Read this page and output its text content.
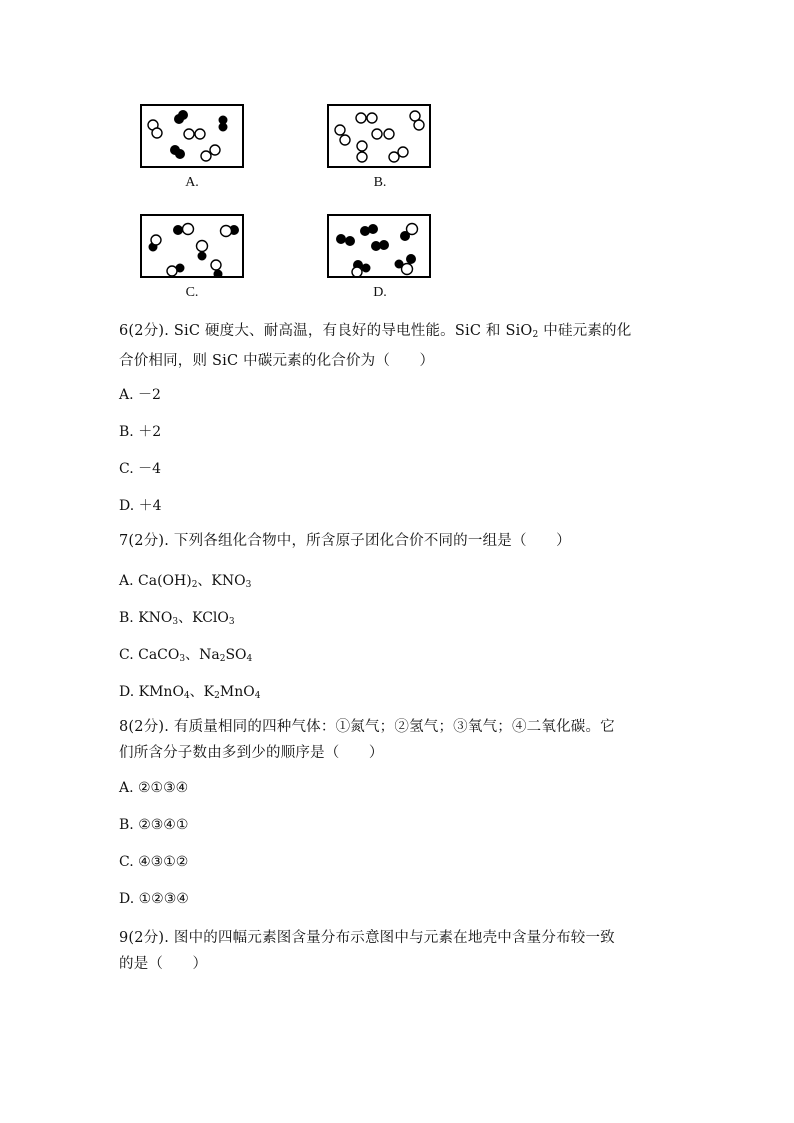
A.	B.
C.	D.
6(2分). SiC 硬度大、耐高温，有良好的导电性能。SiC 和 SiO$_2$ 中硅元素的化
合价相同，则 SiC 中碳元素的化合价为（　　）
A. －2
B. ＋2
C. －4
D. ＋4
7(2分). 下列各组化合物中，所含原子团化合价不同的一组是（　　）
A. $Ca(OH)_2$、$KNO_3$
B. $KNO_3$、KClO$_3$
C. CaCO$_3$、$Na_2SO_4$
D. KMnO$_4$、$K_2MnO_4$
8(2分). 有质量相同的四种气体：①氮气；②氢气；③氧气；④二氧化碳。它
们所含分子数由多到少的顺序是（　　）
A. ②①③④
B. ②③④①
C. ④③①②
D. ①②③④
9(2分). 图中的四幅元素图含量分布示意图中与元素在地壳中含量分布较一致
的是（　　）
